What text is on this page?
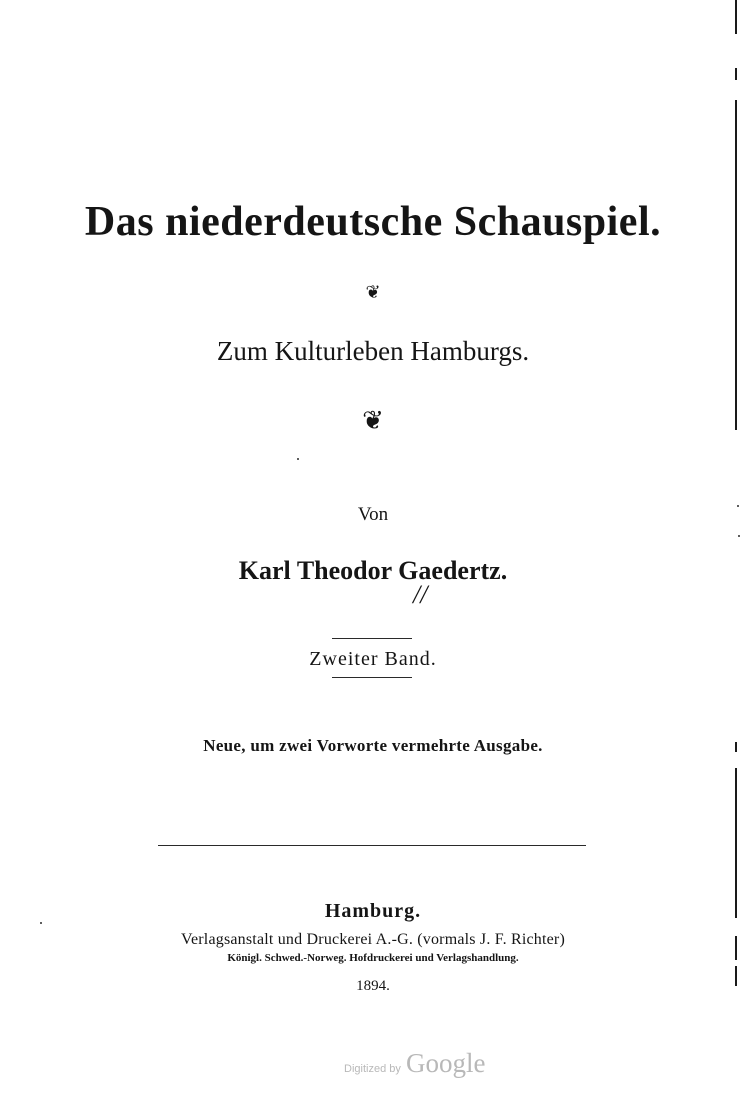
Das niederdeutsche Schauspiel.
❦
Zum Kulturleben Hamburgs.
❦
Von
Karl Theodor Gaedertz.
//
Zweiter Band.
Neue, um zwei Vorworte vermehrte Ausgabe.
Hamburg.
Verlagsanstalt und Druckerei A.-G. (vormals J. F. Richter)
Königl. Schwed.-Norweg. Hofdruckerei und Verlagshandlung.
1894.
Digitized by Google
